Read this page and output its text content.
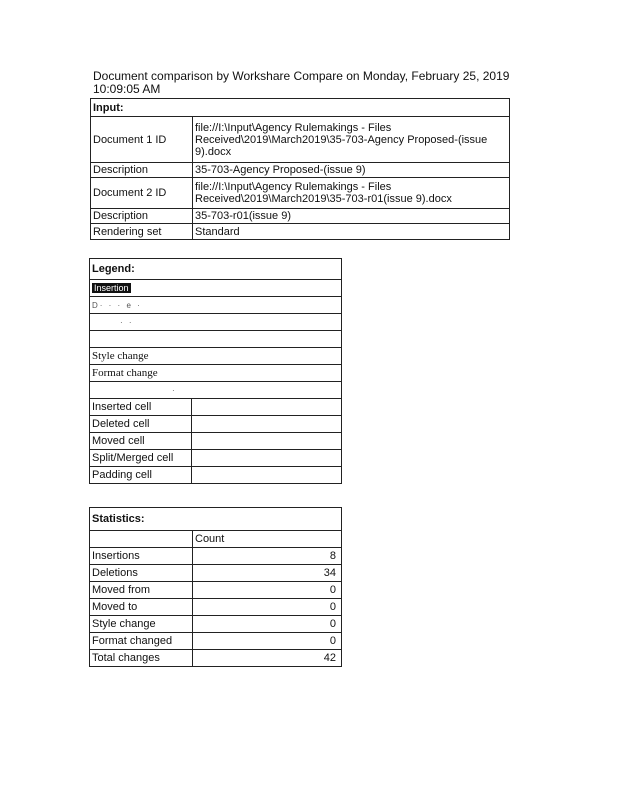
Document comparison by Workshare Compare on Monday, February 25, 2019
10:09:05 AM
Input:	
Document 1 ID	file://I:\Input\Agency Rulemakings - Files Received\2019\March2019\35-703-Agency Proposed-(issue 9).docx
Description	35-703-Agency Proposed-(issue 9)
Document 2 ID	file://I:\Input\Agency Rulemakings - Files Received\2019\March2019\35-703-r01(issue 9).docx
Description	35-703-r01(issue 9)
Rendering set	Standard
Legend:	
Insertion	
D· · · e ·	
· ·	

Style change	
Format change	
·	
Inserted cell	
Deleted cell	
Moved cell	
Split/Merged cell	
Padding cell	
Statistics:	
	Count
Insertions	8
Deletions	34
Moved from	0
Moved to	0
Style change	0
Format changed	0
Total changes	42
